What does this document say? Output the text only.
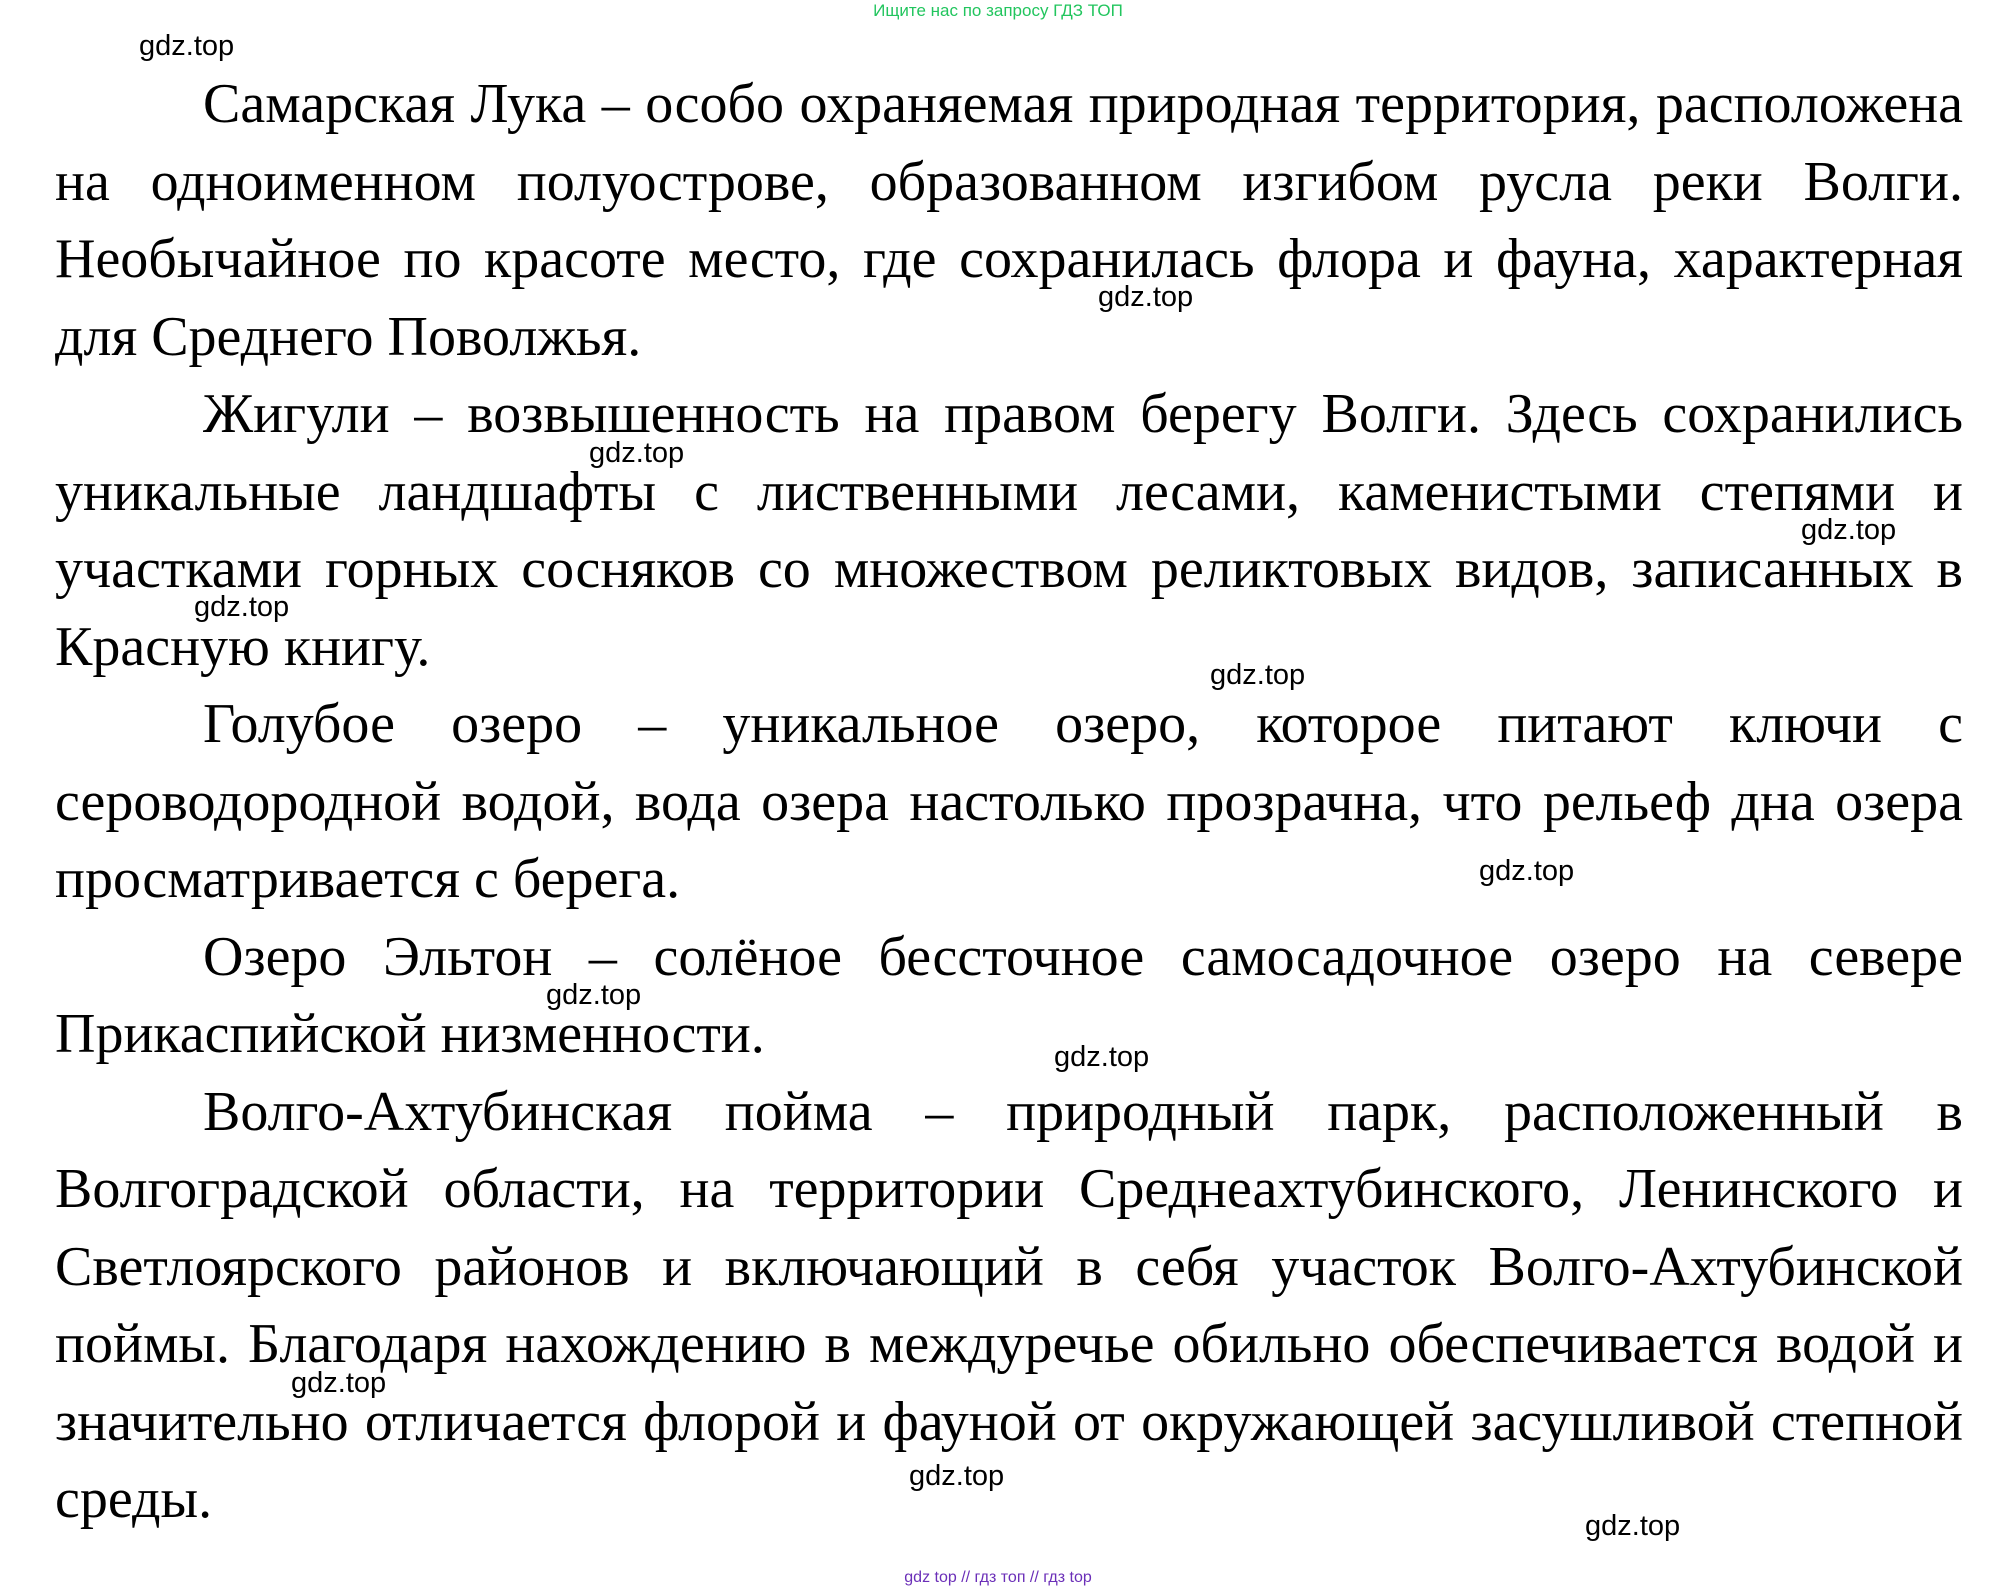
Ищите нас по запросу ГДЗ ТОП

Самарская Лука – особо охраняемая природная территория, расположена на одноименном полуострове, образованном изгибом русла реки Волги. Необычайное по красоте место, где сохранилась флора и фауна, характерная для Среднего Поволжья.

Жигули – возвышенность на правом берегу Волги. Здесь сохранились уникальные ландшафты с лиственными лесами, каменистыми степями и участками горных сосняков со множеством реликтовых видов, записанных в Красную книгу.

Голубое озеро – уникальное озеро, которое питают ключи с сероводородной водой, вода озера настолько прозрачна, что рельеф дна озера просматривается с берега.

Озеро Эльтон – солёное бессточное самосадочное озеро на севере Прикаспийской низменности.

Волго-Ахтубинская пойма – природный парк, расположенный в Волгоградской области, на территории Среднеахтубинского, Ленинского и Светлоярского районов и включающий в себя участок Волго-Ахтубинской поймы. Благодаря нахождению в междуречье обильно обеспечивается водой и значительно отличается флорой и фауной от окружающей засушливой степной среды.

gdz.top
gdz.top
gdz.top
gdz.top
gdz.top
gdz.top
gdz.top
gdz.top
gdz.top
gdz.top
gdz.top
gdz.top
gdz top // гдз топ // гдз top
